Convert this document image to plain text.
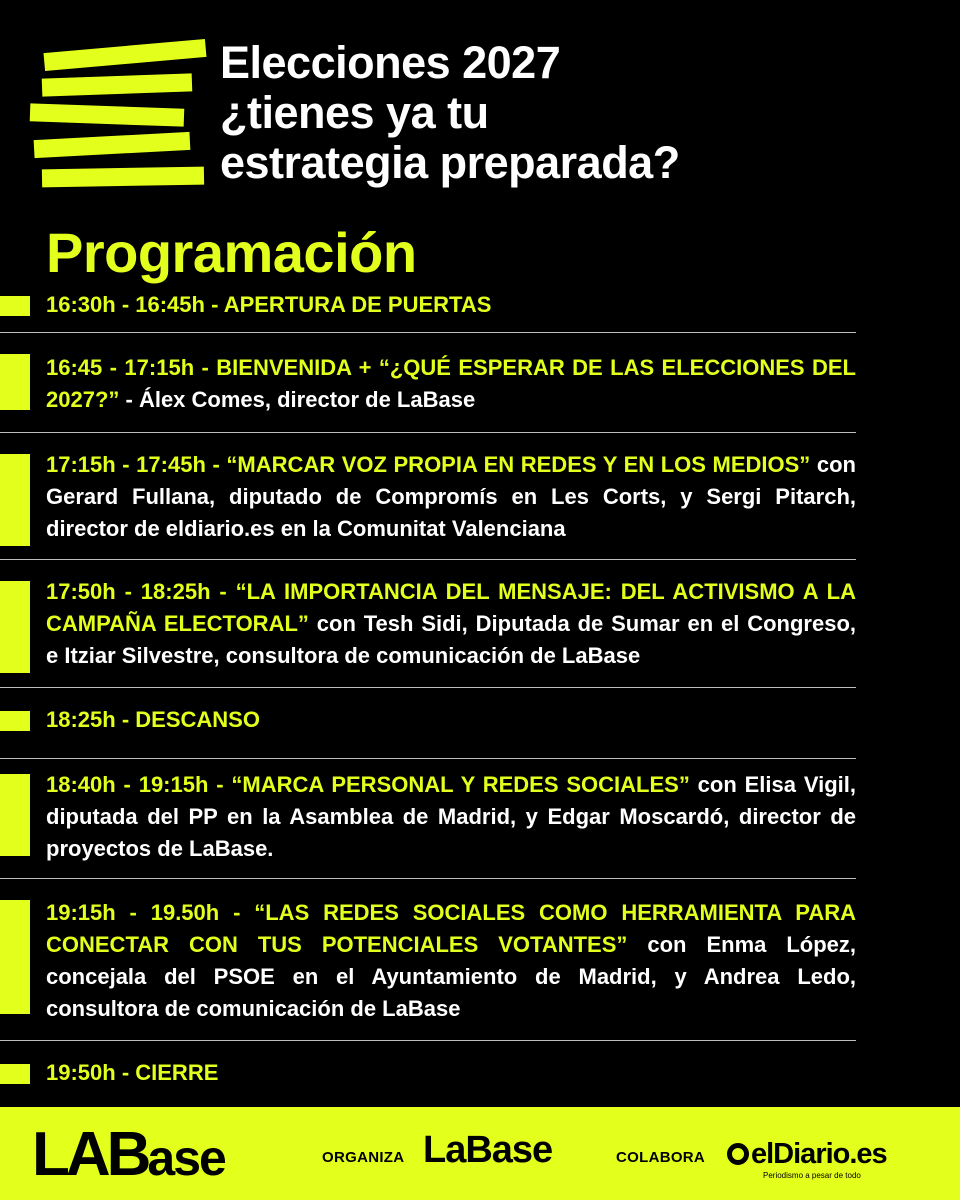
Elecciones 2027
¿tienes ya tu
estrategia preparada?
Programación
16:30h - 16:45h - APERTURA DE PUERTAS
16:45 - 17:15h - BIENVENIDA + “¿QUÉ ESPERAR DE LAS ELECCIONES DEL 2027?” - Álex Comes, director de LaBase
17:15h - 17:45h - “MARCAR VOZ PROPIA EN REDES Y EN LOS MEDIOS” con Gerard Fullana, diputado de Compromís en Les Corts, y Sergi Pitarch, director de eldiario.es en la Comunitat Valenciana
17:50h - 18:25h - “LA IMPORTANCIA DEL MENSAJE: DEL ACTIVISMO A LA CAMPAÑA ELECTORAL” con Tesh Sidi, Diputada de Sumar en el Congreso, e Itziar Silvestre, consultora de comunicación de LaBase
18:25h - DESCANSO
18:40h - 19:15h - “MARCA PERSONAL Y REDES SOCIALES” con Elisa Vigil, diputada del PP en la Asamblea de Madrid, y Edgar Moscardó, director de proyectos de LaBase.
19:15h - 19.50h - “LAS REDES SOCIALES COMO HERRAMIENTA PARA CONECTAR CON TUS POTENCIALES VOTANTES” con Enma López, concejala del PSOE en el Ayuntamiento de Madrid, y Andrea Ledo, consultora de comunicación de LaBase
19:50h - CIERRE
LABase	ORGANIZA LaBase	COLABORA	elDiario.es
Periodismo a pesar de todo
